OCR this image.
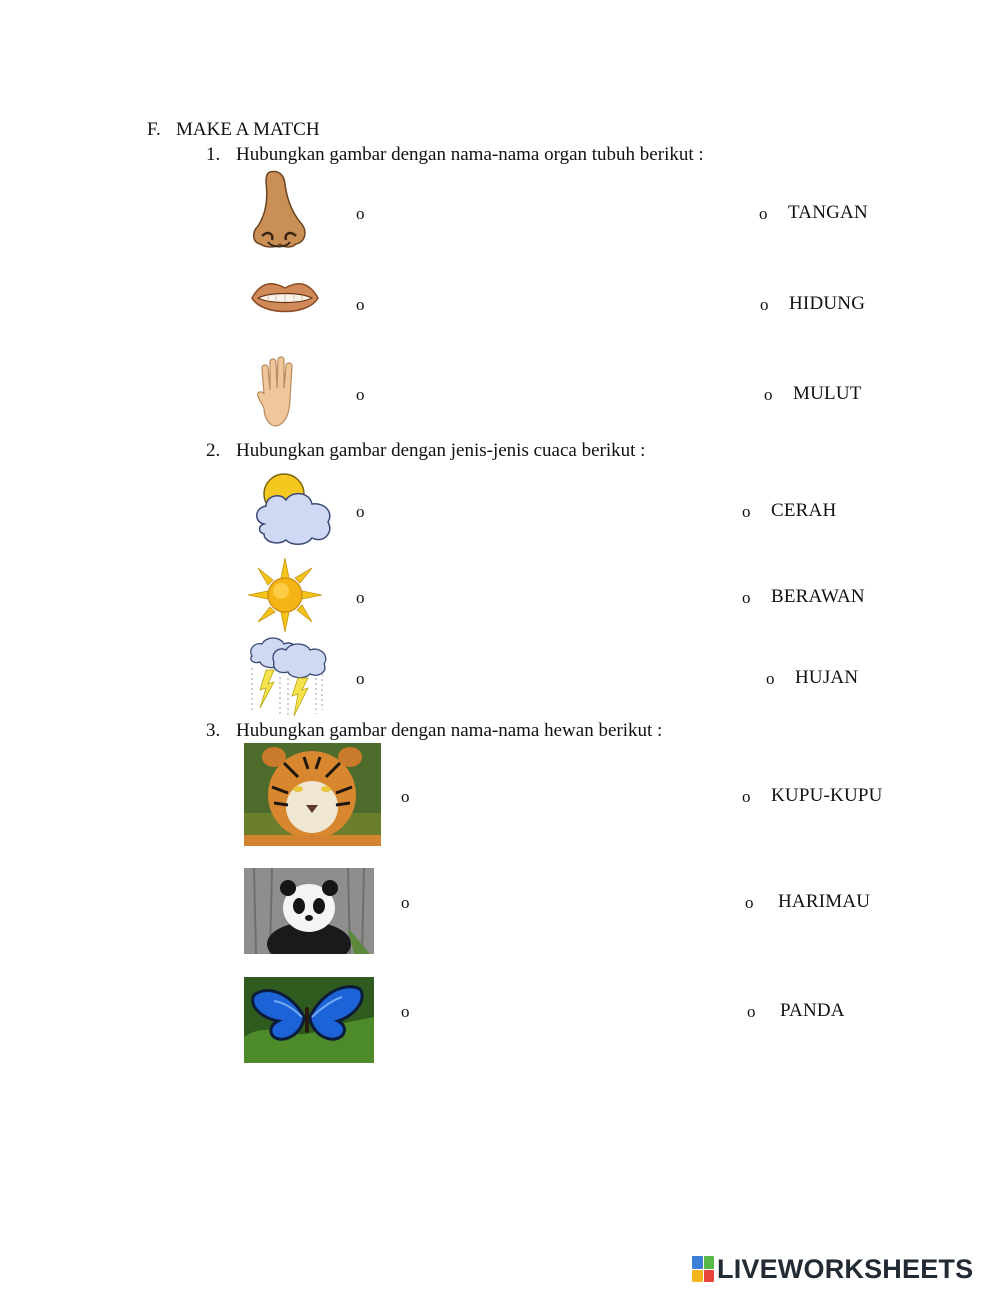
F. MAKE A MATCH
1. Hubungkan gambar dengan nama-nama organ tubuh berikut :
o
o
o
o TANGAN
o HIDUNG
o MULUT
2. Hubungkan gambar dengan jenis-jenis cuaca berikut :
o
o
o
o CERAH
o BERAWAN
o HUJAN
3. Hubungkan gambar dengan nama-nama hewan berikut :
o
o
o
o KUPU-KUPU
o HARIMAU
o PANDA
LIVEWORKSHEETS
